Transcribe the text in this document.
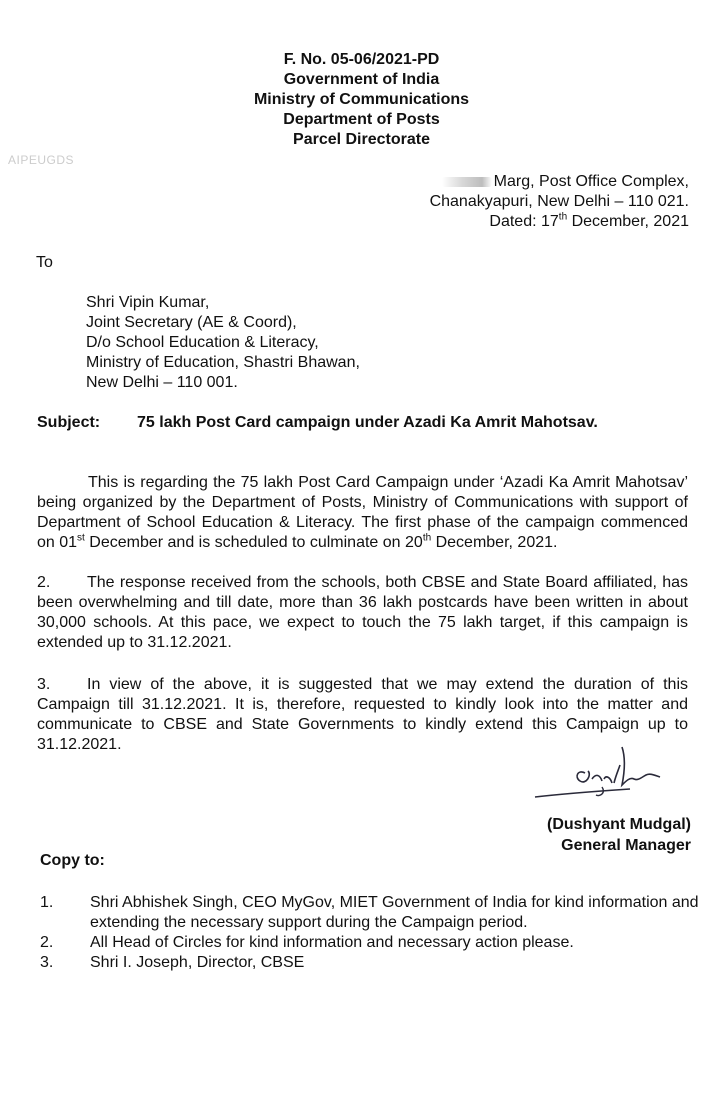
F. No. 05-06/2021-PD
Government of India
Ministry of Communications
Department of Posts
Parcel Directorate
AIPEUGDS
Marg, Post Office Complex,
Chanakyapuri, New Delhi – 110 021.
Dated: 17th December, 2021
To
Shri Vipin Kumar,
Joint Secretary (AE & Coord),
D/o School Education & Literacy,
Ministry of Education, Shastri Bhawan,
New Delhi – 110 001.
Subject: 75 lakh Post Card campaign under Azadi Ka Amrit Mahotsav.

This is regarding the 75 lakh Post Card Campaign under ‘Azadi Ka Amrit Mahotsav’ being organized by the Department of Posts, Ministry of Communications with support of Department of School Education & Literacy. The first phase of the campaign commenced on 01st December and is scheduled to culminate on 20th December, 2021.

2. The response received from the schools, both CBSE and State Board affiliated, has been overwhelming and till date, more than 36 lakh postcards have been written in about 30,000 schools. At this pace, we expect to touch the 75 lakh target, if this campaign is extended up to 31.12.2021.

3. In view of the above, it is suggested that we may extend the duration of this Campaign till 31.12.2021. It is, therefore, requested to kindly look into the matter and communicate to CBSE and State Governments to kindly extend this Campaign up to 31.12.2021.

(Dushyant Mudgal)
General Manager
Copy to:
1.	Shri Abhishek Singh, CEO MyGov, MIET Government of India for kind information and extending the necessary support during the Campaign period.
2.	All Head of Circles for kind information and necessary action please.
3.	Shri I. Joseph, Director, CBSE
